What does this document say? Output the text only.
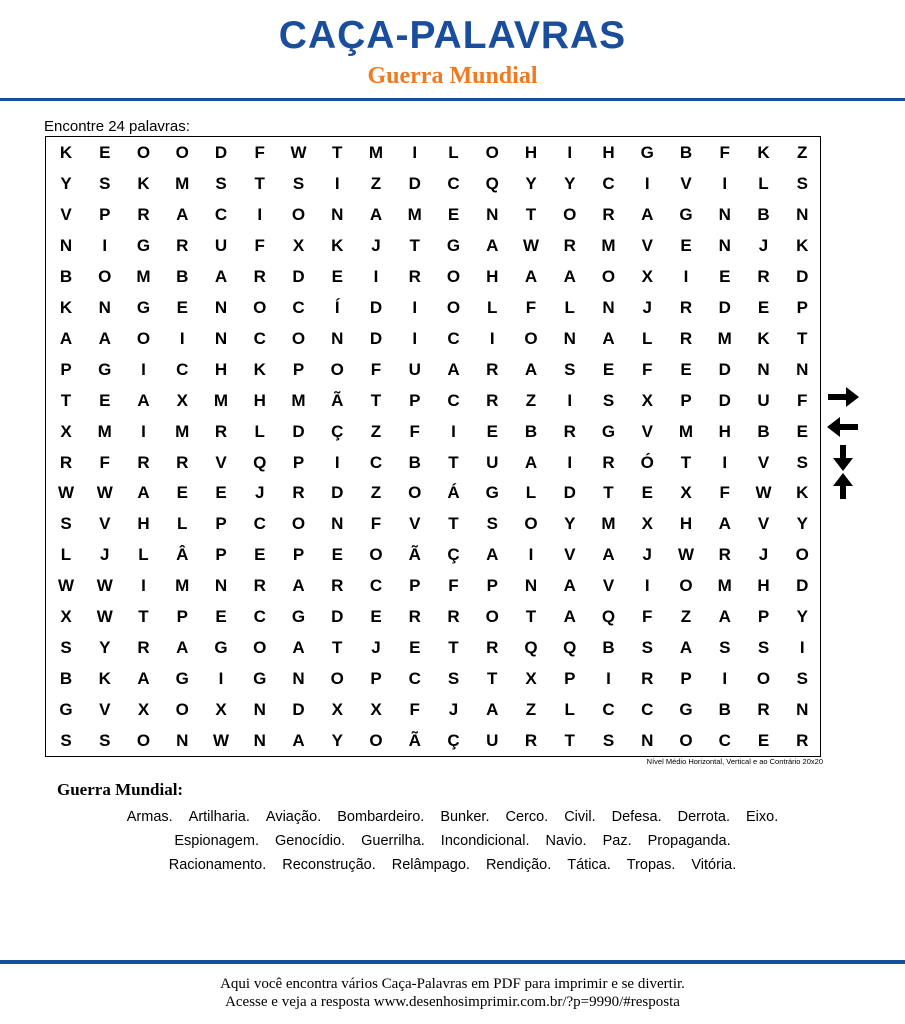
CAÇA-PALAVRAS
Guerra Mundial
Encontre 24 palavras:
K	E	O	O	D	F	W	T	M	I	L	O	H	I	H	G	B	F	K	Z
Y	S	K	M	S	T	S	I	Z	D	C	Q	Y	Y	C	I	V	I	L	S
V	P	R	A	C	I	O	N	A	M	E	N	T	O	R	A	G	N	B	N
N	I	G	R	U	F	X	K	J	T	G	A	W	R	M	V	E	N	J	K
B	O	M	B	A	R	D	E	I	R	O	H	A	A	O	X	I	E	R	D
K	N	G	E	N	O	C	Í	D	I	O	L	F	L	N	J	R	D	E	P
A	A	O	I	N	C	O	N	D	I	C	I	O	N	A	L	R	M	K	T
P	G	I	C	H	K	P	O	F	U	A	R	A	S	E	F	E	D	N	N
T	E	A	X	M	H	M	Ã	T	P	C	R	Z	I	S	X	P	D	U	F
X	M	I	M	R	L	D	Ç	Z	F	I	E	B	R	G	V	M	H	B	E
R	F	R	R	V	Q	P	I	C	B	T	U	A	I	R	Ó	T	I	V	S
W	W	A	E	E	J	R	D	Z	O	Á	G	L	D	T	E	X	F	W	K
S	V	H	L	P	C	O	N	F	V	T	S	O	Y	M	X	H	A	V	Y
L	J	L	Â	P	E	P	E	O	Ã	Ç	A	I	V	A	J	W	R	J	O
W	W	I	M	N	R	A	R	C	P	F	P	N	A	V	I	O	M	H	D
X	W	T	P	E	C	G	D	E	R	R	O	T	A	Q	F	Z	A	P	Y
S	Y	R	A	G	O	A	T	J	E	T	R	Q	Q	B	S	A	S	S	I
B	K	A	G	I	G	N	O	P	C	S	T	X	P	I	R	P	I	O	S
G	V	X	O	X	N	D	X	X	F	J	A	Z	L	C	C	G	B	R	N
S	S	O	N	W	N	A	Y	O	Ã	Ç	U	R	T	S	N	O	C	E	R
Nível Médio Horizontal, Vertical e ao Contrário 20x20
Guerra Mundial:
Armas. Artilharia. Aviação. Bombardeiro. Bunker. Cerco. Civil. Defesa. Derrota. Eixo.
Espionagem. Genocídio. Guerrilha. Incondicional. Navio. Paz. Propaganda.
Racionamento. Reconstrução. Relâmpago. Rendição. Tática. Tropas. Vitória.
Aqui você encontra vários Caça-Palavras em PDF para imprimir e se divertir.
Acesse e veja a resposta www.desenhosimprimir.com.br/?p=9990/#resposta
